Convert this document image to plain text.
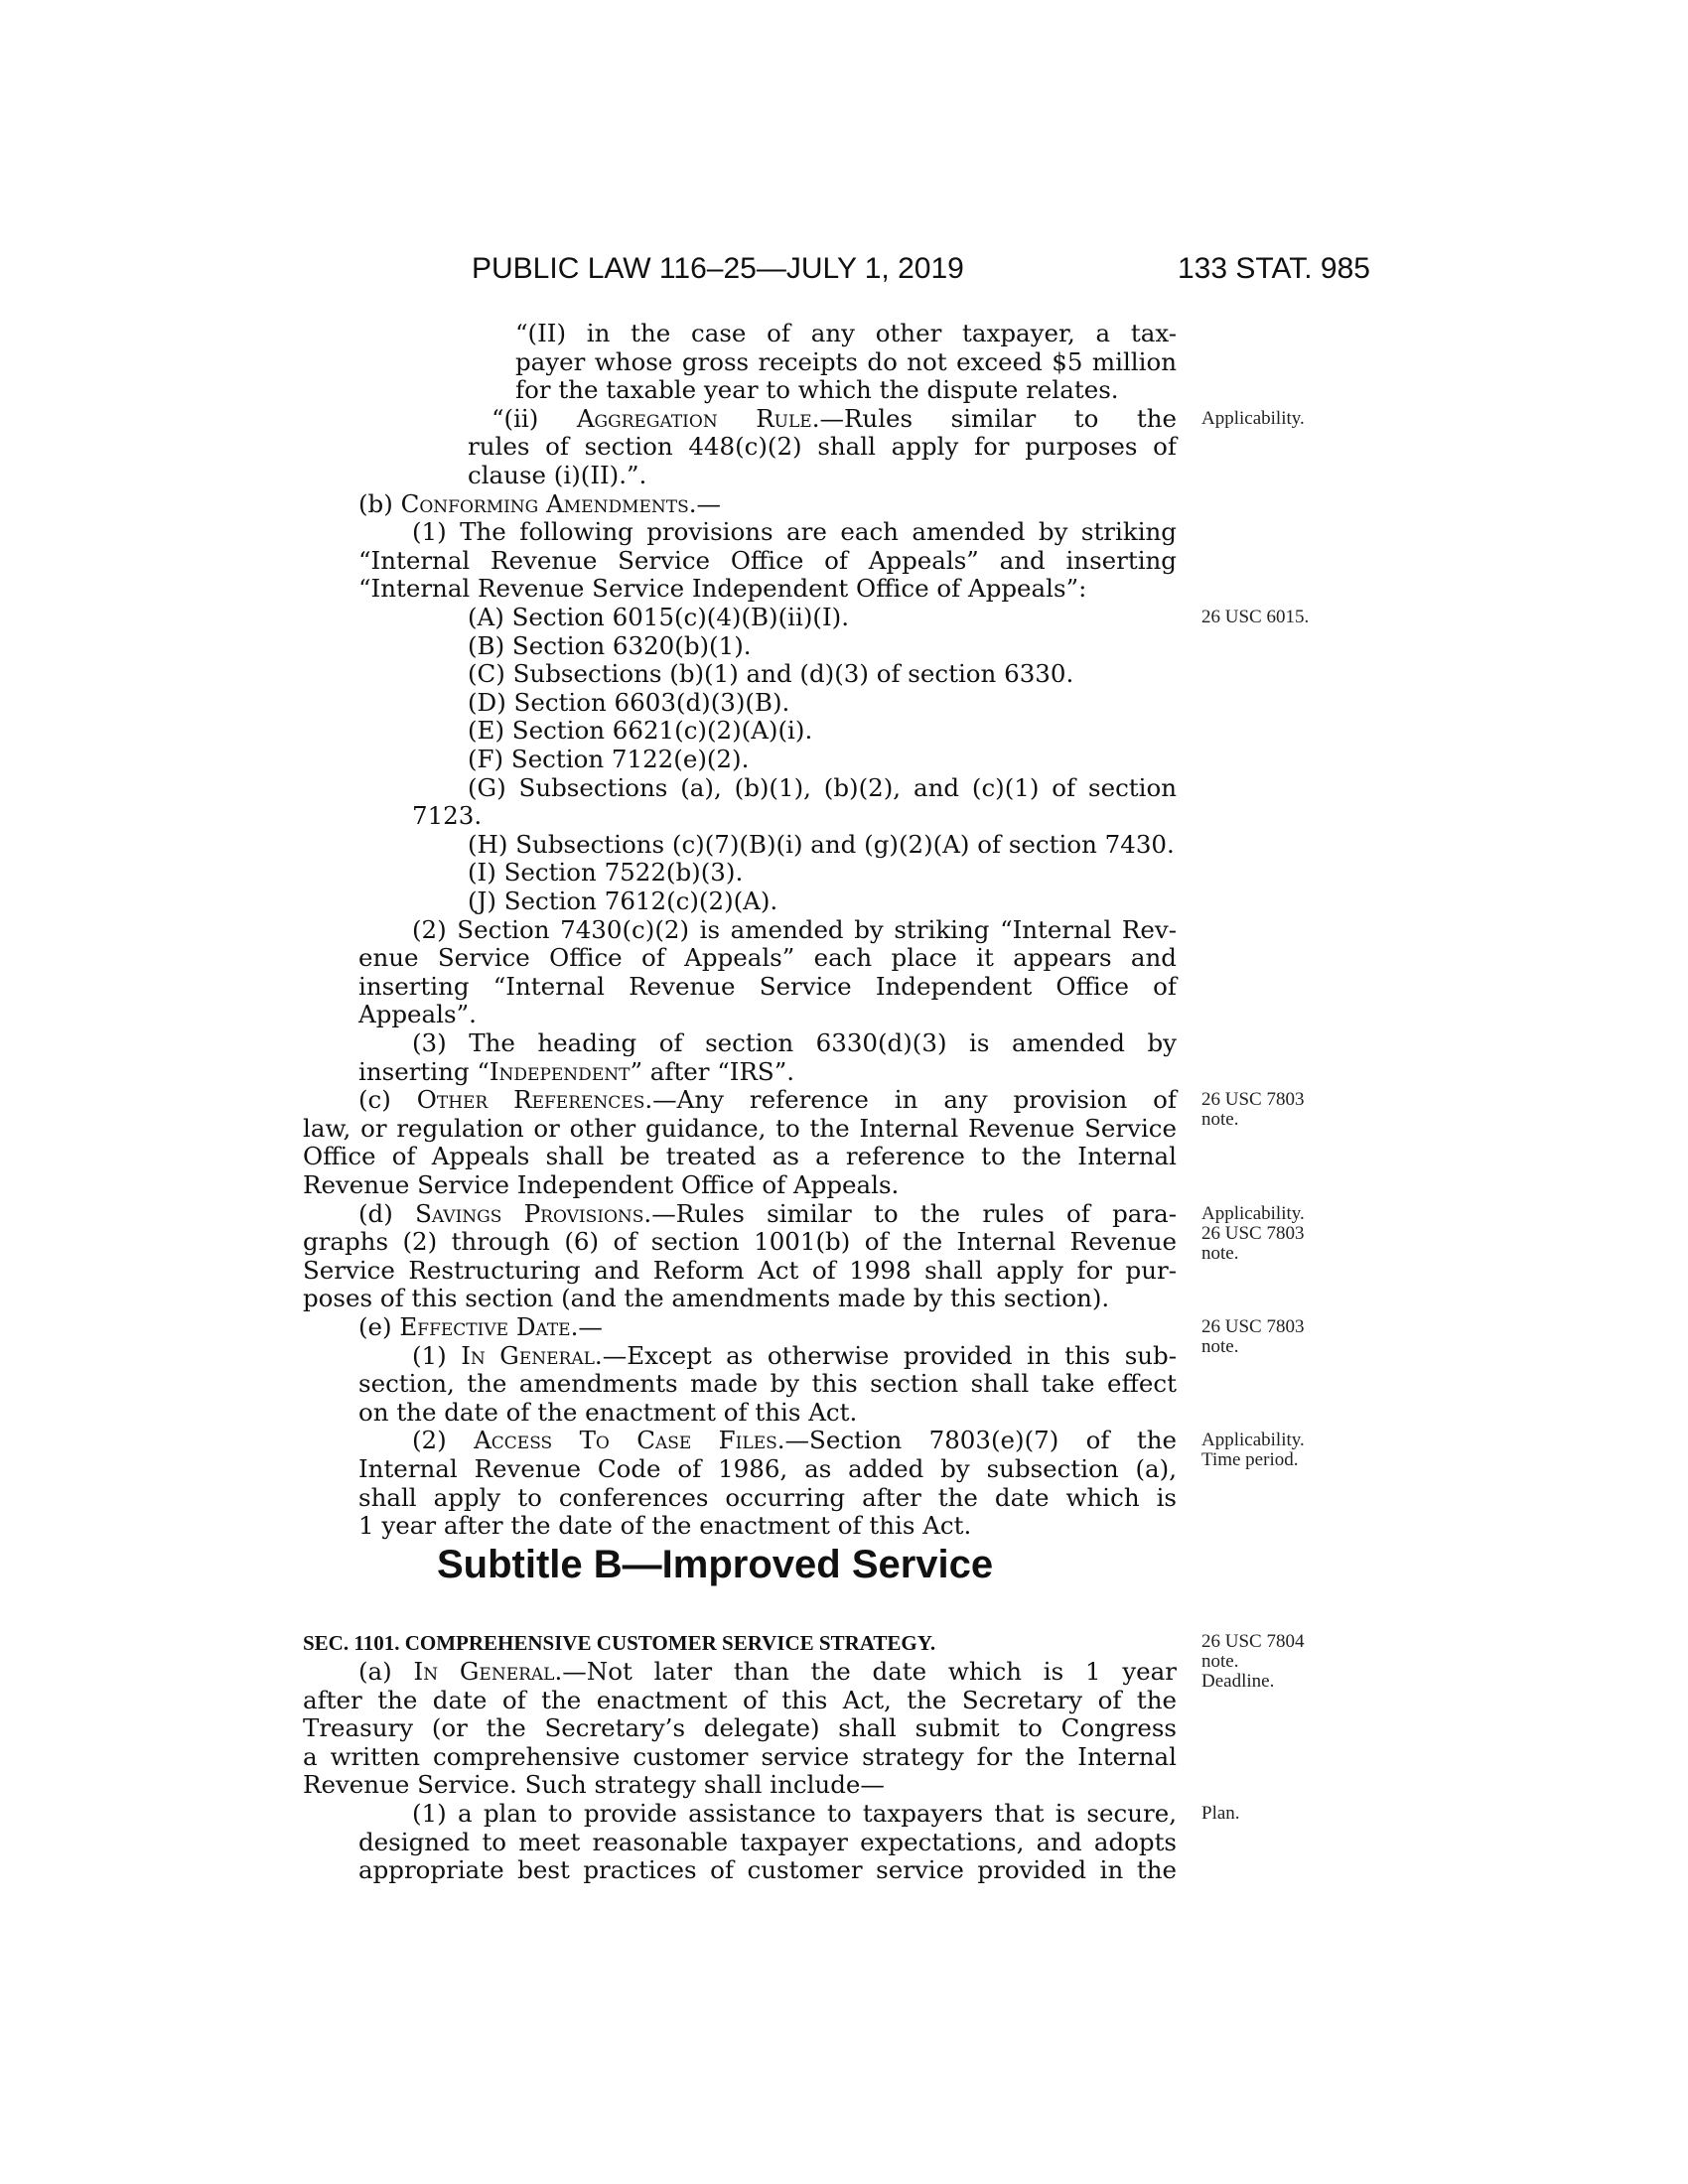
PUBLIC LAW 116–25—JULY 1, 2019	133 STAT. 985
“(II) in the case of any other taxpayer, a tax-
payer whose gross receipts do not exceed $5 million
for the taxable year to which the dispute relates.
“(ii) Aggregation Rule.—Rules similar to the
rules of section 448(c)(2) shall apply for purposes of
clause (i)(II).”.
(b) Conforming Amendments.—
(1) The following provisions are each amended by striking
“Internal Revenue Service Office of Appeals” and inserting
“Internal Revenue Service Independent Office of Appeals”:
(A) Section 6015(c)(4)(B)(ii)(I).
(B) Section 6320(b)(1).
(C) Subsections (b)(1) and (d)(3) of section 6330.
(D) Section 6603(d)(3)(B).
(E) Section 6621(c)(2)(A)(i).
(F) Section 7122(e)(2).
(G) Subsections (a), (b)(1), (b)(2), and (c)(1) of section
7123.
(H) Subsections (c)(7)(B)(i) and (g)(2)(A) of section 7430.
(I) Section 7522(b)(3).
(J) Section 7612(c)(2)(A).
(2) Section 7430(c)(2) is amended by striking “Internal Rev-
enue Service Office of Appeals” each place it appears and
inserting “Internal Revenue Service Independent Office of
Appeals”.
(3) The heading of section 6330(d)(3) is amended by
inserting “Independent” after “IRS”.
(c) Other References.—Any reference in any provision of
law, or regulation or other guidance, to the Internal Revenue Service
Office of Appeals shall be treated as a reference to the Internal
Revenue Service Independent Office of Appeals.
(d) Savings Provisions.—Rules similar to the rules of para-
graphs (2) through (6) of section 1001(b) of the Internal Revenue
Service Restructuring and Reform Act of 1998 shall apply for pur-
poses of this section (and the amendments made by this section).
(e) Effective Date.—
(1) In General.—Except as otherwise provided in this sub-
section, the amendments made by this section shall take effect
on the date of the enactment of this Act.
(2) Access To Case Files.—Section 7803(e)(7) of the
Internal Revenue Code of 1986, as added by subsection (a),
shall apply to conferences occurring after the date which is
1 year after the date of the enactment of this Act.
Subtitle B—Improved Service
SEC. 1101. COMPREHENSIVE CUSTOMER SERVICE STRATEGY.
(a) In General.—Not later than the date which is 1 year
after the date of the enactment of this Act, the Secretary of the
Treasury (or the Secretary’s delegate) shall submit to Congress
a written comprehensive customer service strategy for the Internal
Revenue Service. Such strategy shall include—
(1) a plan to provide assistance to taxpayers that is secure,
designed to meet reasonable taxpayer expectations, and adopts
appropriate best practices of customer service provided in the
Applicability.
26 USC 6015.
26 USC 7803
note.
Applicability.
26 USC 7803
note.
26 USC 7803
note.
Applicability.
Time period.
26 USC 7804
note.
Deadline.
Plan.
